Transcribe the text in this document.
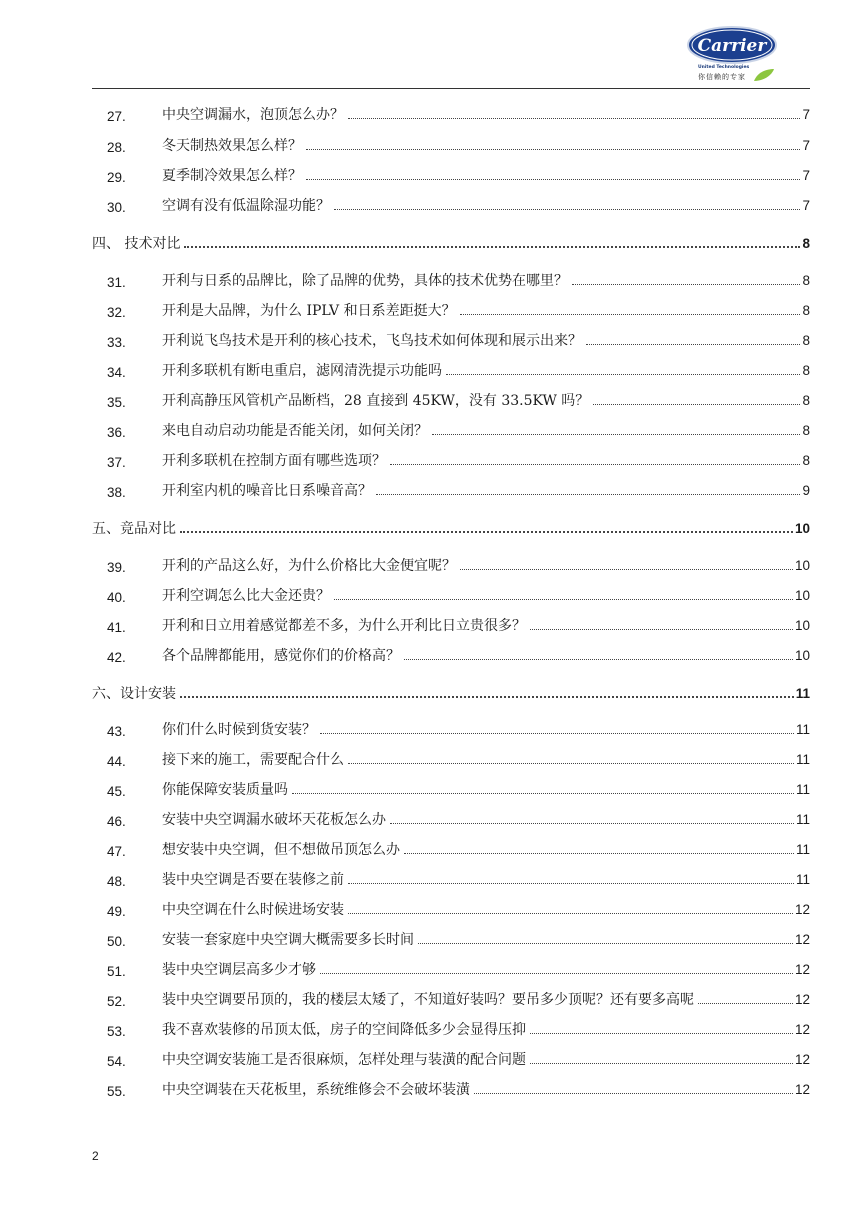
Carrier
United Technologies
你信赖的专家
27.	中央空调漏水，泡顶怎么办？	7
28.	冬天制热效果怎么样？	7
29.	夏季制冷效果怎么样？	7
30.	空调有没有低温除湿功能？	7
四、 技术对比	8
31.	开利与日系的品牌比，除了品牌的优势，具体的技术优势在哪里？	8
32.	开利是大品牌，为什么 IPLV 和日系差距挺大？	8
33.	开利说飞鸟技术是开利的核心技术，飞鸟技术如何体现和展示出来？	8
34.	开利多联机有断电重启，滤网清洗提示功能吗	8
35.	开利高静压风管机产品断档，28 直接到 45KW，没有 33.5KW 吗？	8
36.	来电自动启动功能是否能关闭，如何关闭？	8
37.	开利多联机在控制方面有哪些选项？	8
38.	开利室内机的噪音比日系噪音高？	9
五、竞品对比	10
39.	开利的产品这么好，为什么价格比大金便宜呢？	10
40.	开利空调怎么比大金还贵？	10
41.	开利和日立用着感觉都差不多，为什么开利比日立贵很多？	10
42.	各个品牌都能用，感觉你们的价格高？	10
六、设计安装	11
43.	你们什么时候到货安装？	11
44.	接下来的施工，需要配合什么	11
45.	你能保障安装质量吗	11
46.	安装中央空调漏水破坏天花板怎么办	11
47.	想安装中央空调，但不想做吊顶怎么办	11
48.	装中央空调是否要在装修之前	11
49.	中央空调在什么时候进场安装	12
50.	安装一套家庭中央空调大概需要多长时间	12
51.	装中央空调层高多少才够	12
52.	装中央空调要吊顶的，我的楼层太矮了，不知道好装吗？要吊多少顶呢？还有要多高呢	12
53.	我不喜欢装修的吊顶太低，房子的空间降低多少会显得压抑	12
54.	中央空调安装施工是否很麻烦，怎样处理与装潢的配合问题	12
55.	中央空调装在天花板里，系统维修会不会破坏装潢	12
2
